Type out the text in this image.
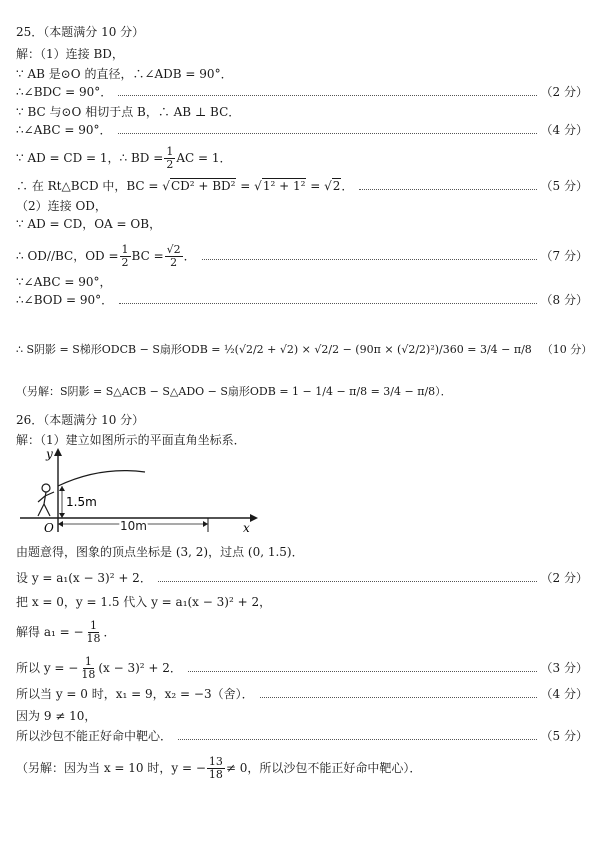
25．（本题满分 10 分）
解：（1）连接 BD，
∵ AB 是⊙O 的直径，∴∠ADB = 90°．
∴∠BDC = 90°．	（2 分）
∵ BC 与⊙O 相切于点 B，∴ AB ⊥ BC．
∴∠ABC = 90°．	（4 分）
∵ AD = CD = 1，∴ BD = $\frac{1}{2}$ AC = 1．
∴ 在 Rt△BCD 中，BC = √CD² + BD² = √1² + 1² = √2．	（5 分）
（2）连接 OD，
∵ AD = CD，OA = OB，
∴ OD//BC，OD = $\frac{1}{2}$ BC = $\frac{√2}{2}$ ．	（7 分）
∵∠ABC = 90°，
∴∠BOD = 90°．	（8 分）
∴ S阴影 = S梯形ODCB − S扇形ODB = ½(√2/2 + √2) × √2/2 − (90π × (√2/2)²)/360 = 3/4 − π/8 （10 分）
（另解：S阴影 = S△ACB − S△ADO − S扇形ODB = 1 − 1/4 − π/8 = 3/4 − π/8）．
26．（本题满分 10 分）
解：（1）建立如图所示的平面直角坐标系．
y
x
O
1.5m
10m
由题意得，图象的顶点坐标是 (3, 2)，过点 (0, 1.5)．
设 y = a₁(x − 3)² + 2．	（2 分）
把 x = 0，y = 1.5 代入 y = a₁(x − 3)² + 2，
解得 a₁ = − $\frac{1}{18}$ ．
所以 y = − $\frac{1}{18} (x - 3)^2 + 2$．	（3 分）
所以当 y = 0 时，x₁ = 9，x₂ = −3（舍）．	（4 分）
因为 9 ≠ 10，
所以沙包不能正好命中靶心．	（5 分）
（另解：因为当 x = 10 时，y = − $\frac{13}{18} \ne 0$，所以沙包不能正好命中靶心）．
